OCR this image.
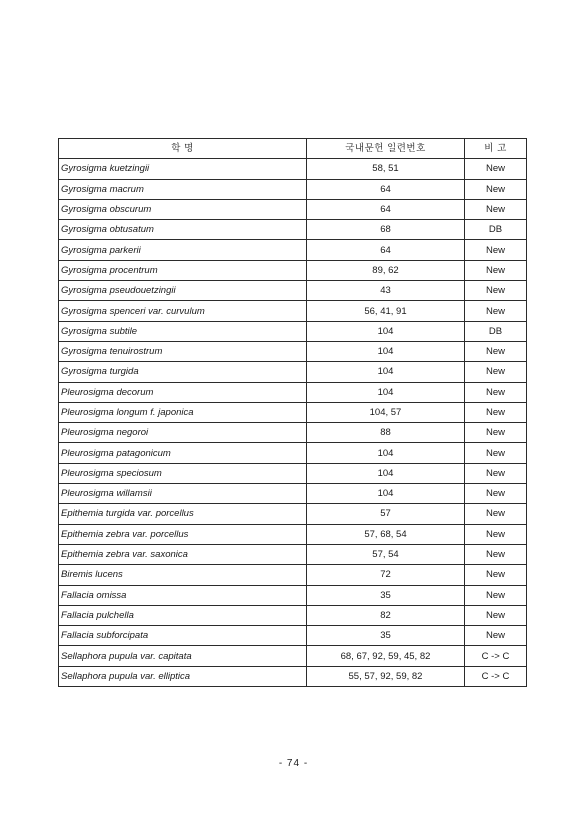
학 명	국내문헌 일련번호	비 고
Gyrosigma kuetzingii	58, 51	New
Gyrosigma macrum	64	New
Gyrosigma obscurum	64	New
Gyrosigma obtusatum	68	DB
Gyrosigma parkerii	64	New
Gyrosigma procentrum	89, 62	New
Gyrosigma pseudouetzingii	43	New
Gyrosigma spenceri var. curvulum	56, 41, 91	New
Gyrosigma subtile	104	DB
Gyrosigma tenuirostrum	104	New
Gyrosigma turgida	104	New
Pleurosigma decorum	104	New
Pleurosigma longum f. japonica	104, 57	New
Pleurosigma negoroi	88	New
Pleurosigma patagonicum	104	New
Pleurosigma speciosum	104	New
Pleurosigma willamsii	104	New
Epithemia turgida var. porcellus	57	New
Epithemia zebra var. porcellus	57, 68, 54	New
Epithemia zebra var. saxonica	57, 54	New
Biremis lucens	72	New
Fallacia omissa	35	New
Fallacia pulchella	82	New
Fallacia subforcipata	35	New
Sellaphora pupula var. capitata	68, 67, 92, 59, 45, 82	C -> C
Sellaphora pupula var. elliptica	55, 57, 92, 59, 82	C -> C
- 74 -
